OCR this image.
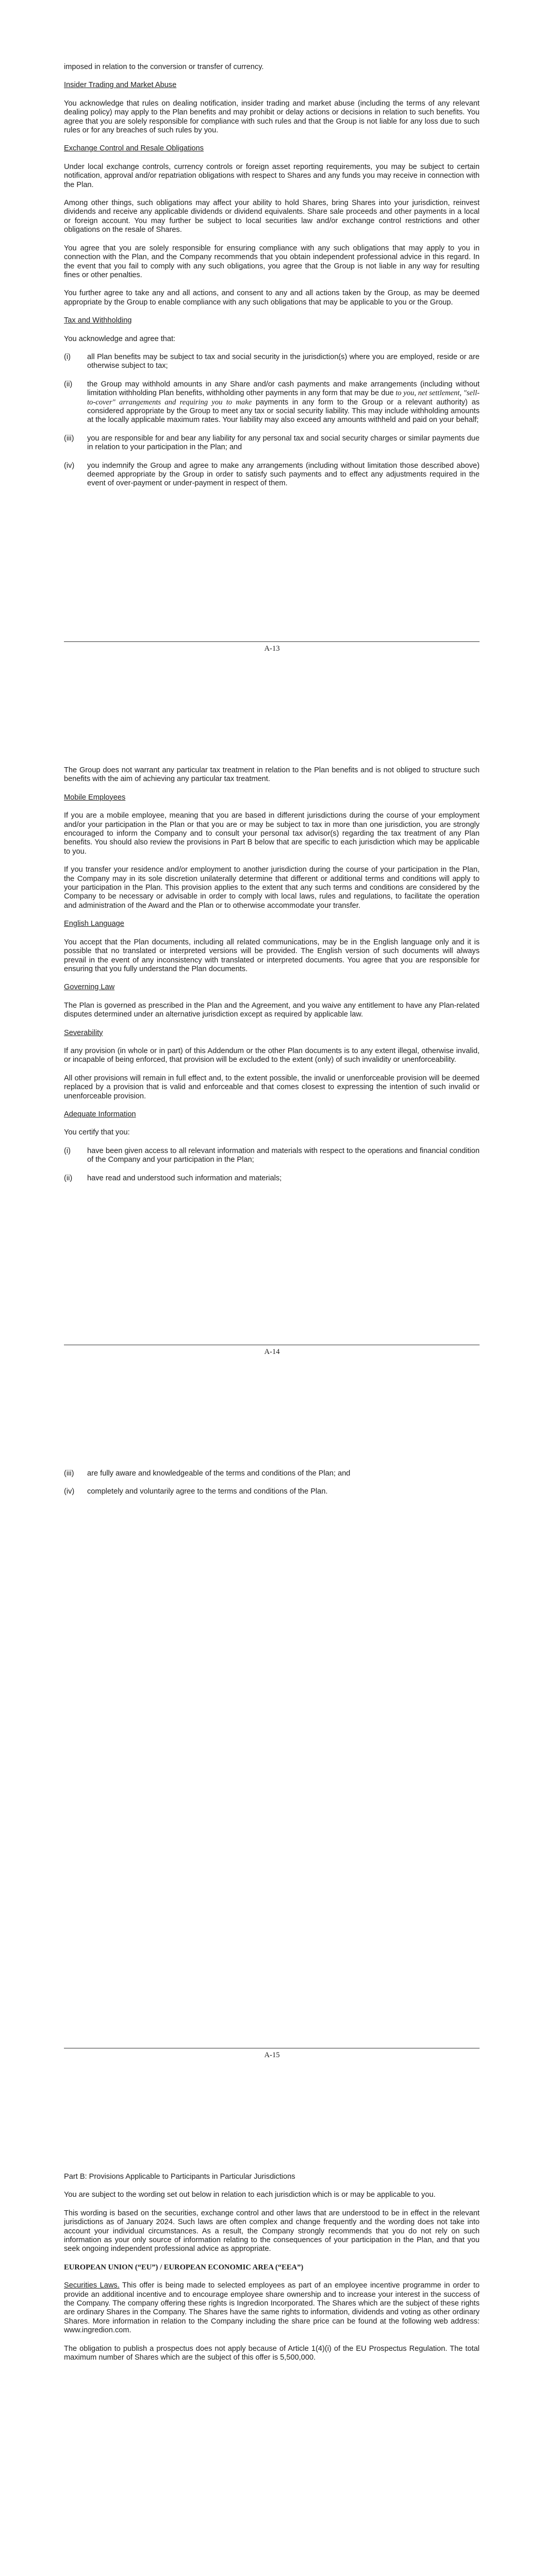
imposed in relation to the conversion or transfer of currency.

Insider Trading and Market Abuse

You acknowledge that rules on dealing notification, insider trading and market abuse (including the terms of any relevant dealing policy) may apply to the Plan benefits and may prohibit or delay actions or decisions in relation to such benefits. You agree that you are solely responsible for compliance with such rules and that the Group is not liable for any loss due to such rules or for any breaches of such rules by you.

Exchange Control and Resale Obligations

Under local exchange controls, currency controls or foreign asset reporting requirements, you may be subject to certain notification, approval and/or repatriation obligations with respect to Shares and any funds you may receive in connection with the Plan.

Among other things, such obligations may affect your ability to hold Shares, bring Shares into your jurisdiction, reinvest dividends and receive any applicable dividends or dividend equivalents. Share sale proceeds and other payments in a local or foreign account. You may further be subject to local securities law and/or exchange control restrictions and other obligations on the resale of Shares.

You agree that you are solely responsible for ensuring compliance with any such obligations that may apply to you in connection with the Plan, and the Company recommends that you obtain independent professional advice in this regard. In the event that you fail to comply with any such obligations, you agree that the Group is not liable in any way for resulting fines or other penalties.

You further agree to take any and all actions, and consent to any and all actions taken by the Group, as may be deemed appropriate by the Group to enable compliance with any such obligations that may be applicable to you or the Group.

Tax and Withholding

You acknowledge and agree that:

(i)	all Plan benefits may be subject to tax and social security in the jurisdiction(s) where you are employed, reside or are otherwise subject to tax;
(ii)	the Group may withhold amounts in any Share and/or cash payments and make arrangements (including without limitation withholding Plan benefits, withholding other payments in any form that may be due to you, net settlement, "sell-to-cover" arrangements and requiring you to make payments in any form to the Group or a relevant authority) as considered appropriate by the Group to meet any tax or social security liability. This may include withholding amounts at the locally applicable maximum rates. Your liability may also exceed any amounts withheld and paid on your behalf;
(iii)	you are responsible for and bear any liability for any personal tax and social security charges or similar payments due in relation to your participation in the Plan; and
(iv)	you indemnify the Group and agree to make any arrangements (including without limitation those described above) deemed appropriate by the Group in order to satisfy such payments and to effect any adjustments required in the event of over-payment or under-payment in respect of them.
A-13

The Group does not warrant any particular tax treatment in relation to the Plan benefits and is not obliged to structure such benefits with the aim of achieving any particular tax treatment.

Mobile Employees

If you are a mobile employee, meaning that you are based in different jurisdictions during the course of your employment and/or your participation in the Plan or that you are or may be subject to tax in more than one jurisdiction, you are strongly encouraged to inform the Company and to consult your personal tax advisor(s) regarding the tax treatment of any Plan benefits. You should also review the provisions in Part B below that are specific to each jurisdiction which may be applicable to you.

If you transfer your residence and/or employment to another jurisdiction during the course of your participation in the Plan, the Company may in its sole discretion unilaterally determine that different or additional terms and conditions will apply to your participation in the Plan. This provision applies to the extent that any such terms and conditions are considered by the Company to be necessary or advisable in order to comply with local laws, rules and regulations, to facilitate the operation and administration of the Award and the Plan or to otherwise accommodate your transfer.

English Language

You accept that the Plan documents, including all related communications, may be in the English language only and it is possible that no translated or interpreted versions will be provided. The English version of such documents will always prevail in the event of any inconsistency with translated or interpreted documents. You agree that you are responsible for ensuring that you fully understand the Plan documents.

Governing Law

The Plan is governed as prescribed in the Plan and the Agreement, and you waive any entitlement to have any Plan-related disputes determined under an alternative jurisdiction except as required by applicable law.

Severability

If any provision (in whole or in part) of this Addendum or the other Plan documents is to any extent illegal, otherwise invalid, or incapable of being enforced, that provision will be excluded to the extent (only) of such invalidity or unenforceability.

All other provisions will remain in full effect and, to the extent possible, the invalid or unenforceable provision will be deemed replaced by a provision that is valid and enforceable and that comes closest to expressing the intention of such invalid or unenforceable provision.

Adequate Information

You certify that you:

(i)	have been given access to all relevant information and materials with respect to the operations and financial condition of the Company and your participation in the Plan;
(ii)	have read and understood such information and materials;
A-14
(iii)	are fully aware and knowledgeable of the terms and conditions of the Plan; and
(iv)	completely and voluntarily agree to the terms and conditions of the Plan.
A-15

Part B: Provisions Applicable to Participants in Particular Jurisdictions

You are subject to the wording set out below in relation to each jurisdiction which is or may be applicable to you.

This wording is based on the securities, exchange control and other laws that are understood to be in effect in the relevant jurisdictions as of January 2024. Such laws are often complex and change frequently and the wording does not take into account your individual circumstances. As a result, the Company strongly recommends that you do not rely on such information as your only source of information relating to the consequences of your participation in the Plan, and that you seek ongoing independent professional advice as appropriate.

EUROPEAN UNION (“EU”) / EUROPEAN ECONOMIC AREA (“EEA”)

Securities Laws. This offer is being made to selected employees as part of an employee incentive programme in order to provide an additional incentive and to encourage employee share ownership and to increase your interest in the success of the Company. The company offering these rights is Ingredion Incorporated. The Shares which are the subject of these rights are ordinary Shares in the Company. The Shares have the same rights to information, dividends and voting as other ordinary Shares. More information in relation to the Company including the share price can be found at the following web address: www.ingredion.com.

The obligation to publish a prospectus does not apply because of Article 1(4)(i) of the EU Prospectus Regulation. The total maximum number of Shares which are the subject of this offer is 5,500,000.
